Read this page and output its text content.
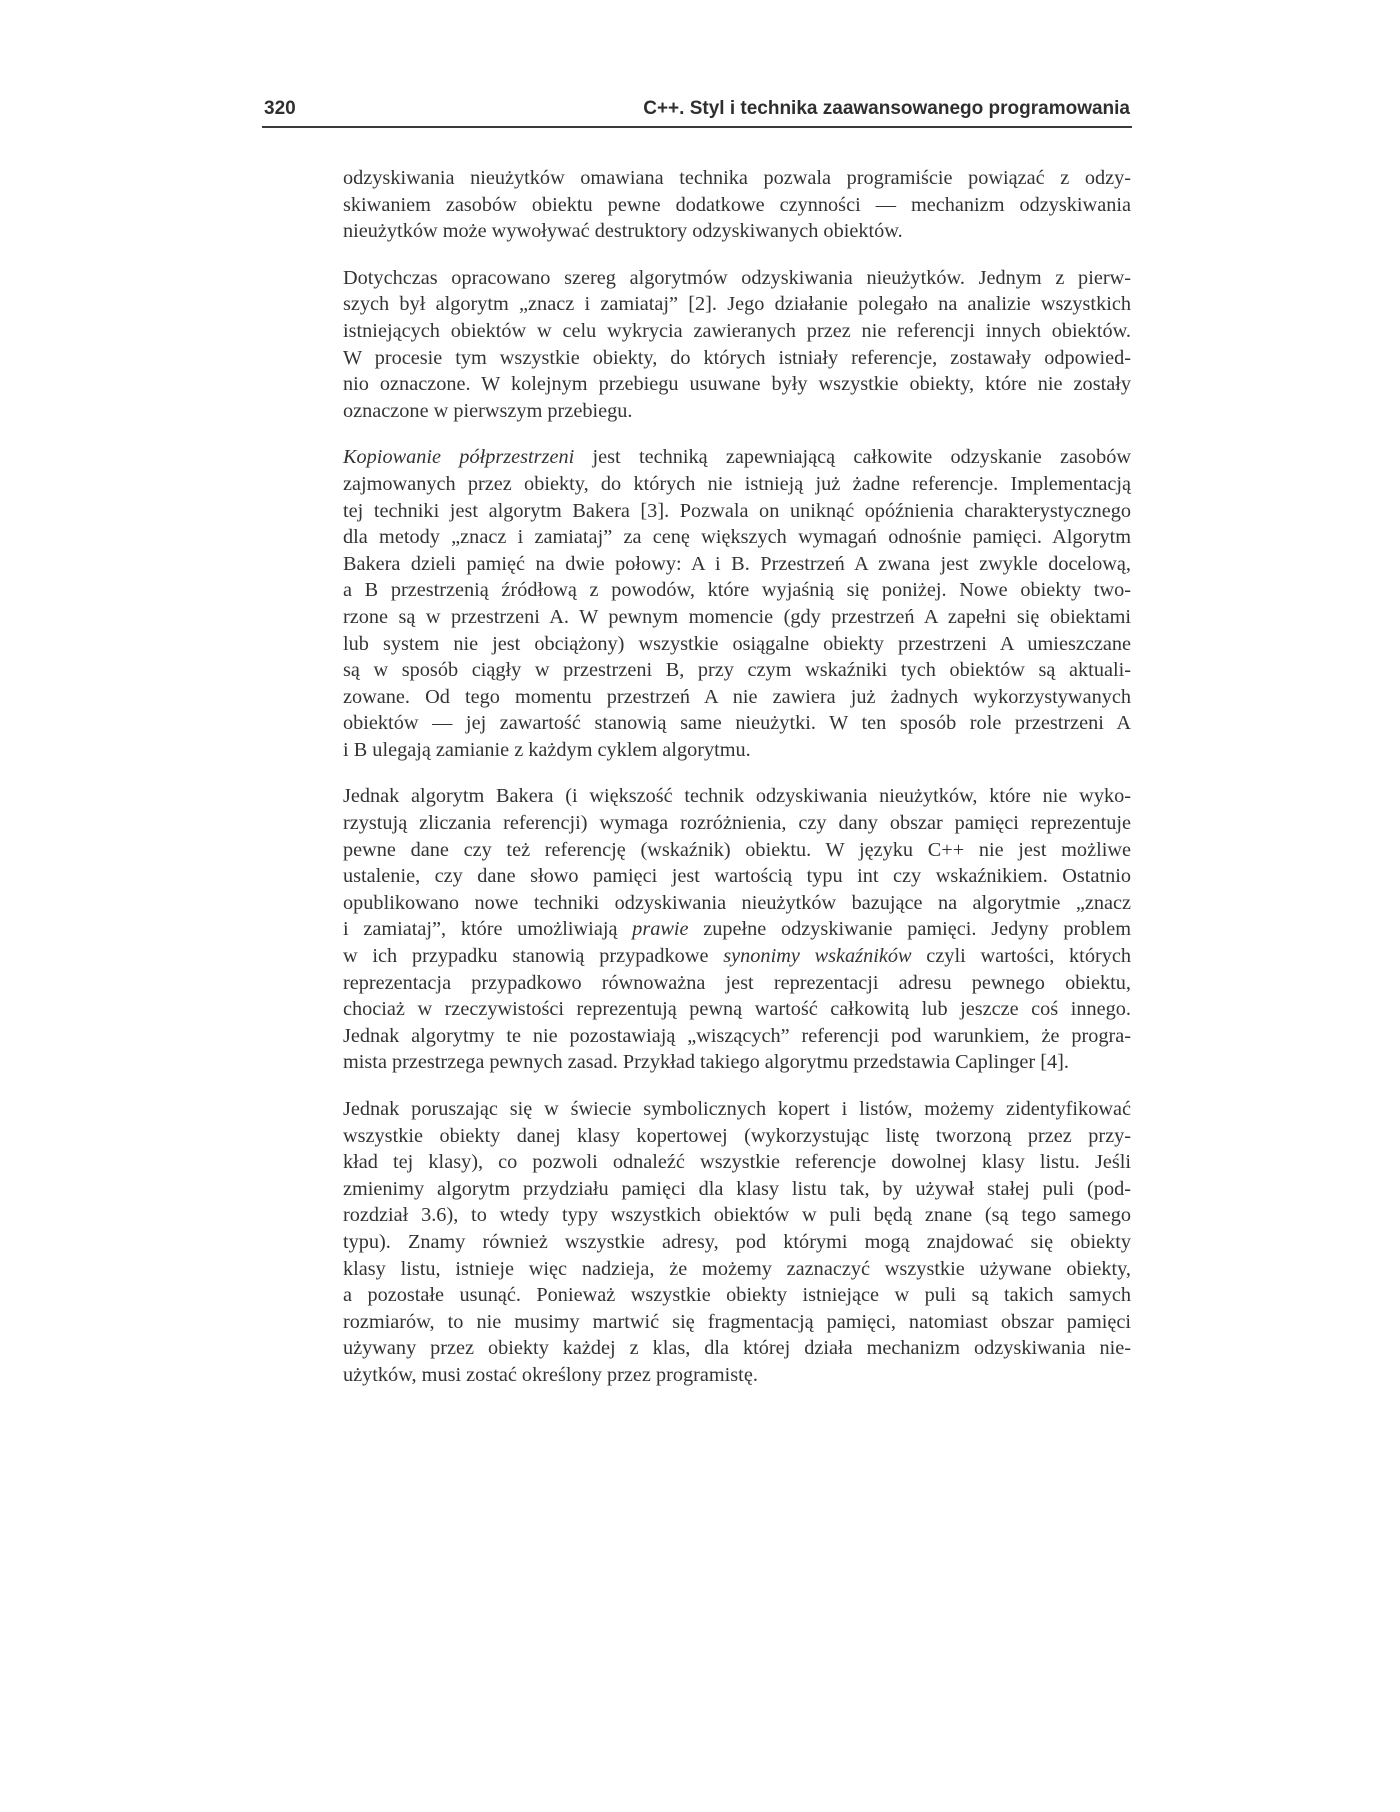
320	C++. Styl i technika zaawansowanego programowania
odzyskiwania nieużytków omawiana technika pozwala programiście powiązać z odzy-
skiwaniem zasobów obiektu pewne dodatkowe czynności — mechanizm odzyskiwania
nieużytków może wywoływać destruktory odzyskiwanych obiektów.
Dotychczas opracowano szereg algorytmów odzyskiwania nieużytków. Jednym z pierw-
szych był algorytm „znacz i zamiataj” [2]. Jego działanie polegało na analizie wszystkich
istniejących obiektów w celu wykrycia zawieranych przez nie referencji innych obiektów.
W procesie tym wszystkie obiekty, do których istniały referencje, zostawały odpowied-
nio oznaczone. W kolejnym przebiegu usuwane były wszystkie obiekty, które nie zostały
oznaczone w pierwszym przebiegu.
Kopiowanie półprzestrzeni jest techniką zapewniającą całkowite odzyskanie zasobów
zajmowanych przez obiekty, do których nie istnieją już żadne referencje. Implementacją
tej techniki jest algorytm Bakera [3]. Pozwala on uniknąć opóźnienia charakterystycznego
dla metody „znacz i zamiataj” za cenę większych wymagań odnośnie pamięci. Algorytm
Bakera dzieli pamięć na dwie połowy: A i B. Przestrzeń A zwana jest zwykle docelową,
a B przestrzenią źródłową z powodów, które wyjaśnią się poniżej. Nowe obiekty two-
rzone są w przestrzeni A. W pewnym momencie (gdy przestrzeń A zapełni się obiektami
lub system nie jest obciążony) wszystkie osiągalne obiekty przestrzeni A umieszczane
są w sposób ciągły w przestrzeni B, przy czym wskaźniki tych obiektów są aktuali-
zowane. Od tego momentu przestrzeń A nie zawiera już żadnych wykorzystywanych
obiektów — jej zawartość stanowią same nieużytki. W ten sposób role przestrzeni A
i B ulegają zamianie z każdym cyklem algorytmu.
Jednak algorytm Bakera (i większość technik odzyskiwania nieużytków, które nie wyko-
rzystują zliczania referencji) wymaga rozróżnienia, czy dany obszar pamięci reprezentuje
pewne dane czy też referencję (wskaźnik) obiektu. W języku C++ nie jest możliwe
ustalenie, czy dane słowo pamięci jest wartością typu int czy wskaźnikiem. Ostatnio
opublikowano nowe techniki odzyskiwania nieużytków bazujące na algorytmie „znacz
i zamiataj”, które umożliwiają prawie zupełne odzyskiwanie pamięci. Jedyny problem
w ich przypadku stanowią przypadkowe synonimy wskaźników czyli wartości, których
reprezentacja przypadkowo równoważna jest reprezentacji adresu pewnego obiektu,
chociaż w rzeczywistości reprezentują pewną wartość całkowitą lub jeszcze coś innego.
Jednak algorytmy te nie pozostawiają „wiszących” referencji pod warunkiem, że progra-
mista przestrzega pewnych zasad. Przykład takiego algorytmu przedstawia Caplinger [4].
Jednak poruszając się w świecie symbolicznych kopert i listów, możemy zidentyfikować
wszystkie obiekty danej klasy kopertowej (wykorzystując listę tworzoną przez przy-
kład tej klasy), co pozwoli odnaleźć wszystkie referencje dowolnej klasy listu. Jeśli
zmienimy algorytm przydziału pamięci dla klasy listu tak, by używał stałej puli (pod-
rozdział 3.6), to wtedy typy wszystkich obiektów w puli będą znane (są tego samego
typu). Znamy również wszystkie adresy, pod którymi mogą znajdować się obiekty
klasy listu, istnieje więc nadzieja, że możemy zaznaczyć wszystkie używane obiekty,
a pozostałe usunąć. Ponieważ wszystkie obiekty istniejące w puli są takich samych
rozmiarów, to nie musimy martwić się fragmentacją pamięci, natomiast obszar pamięci
używany przez obiekty każdej z klas, dla której działa mechanizm odzyskiwania nie-
użytków, musi zostać określony przez programistę.
